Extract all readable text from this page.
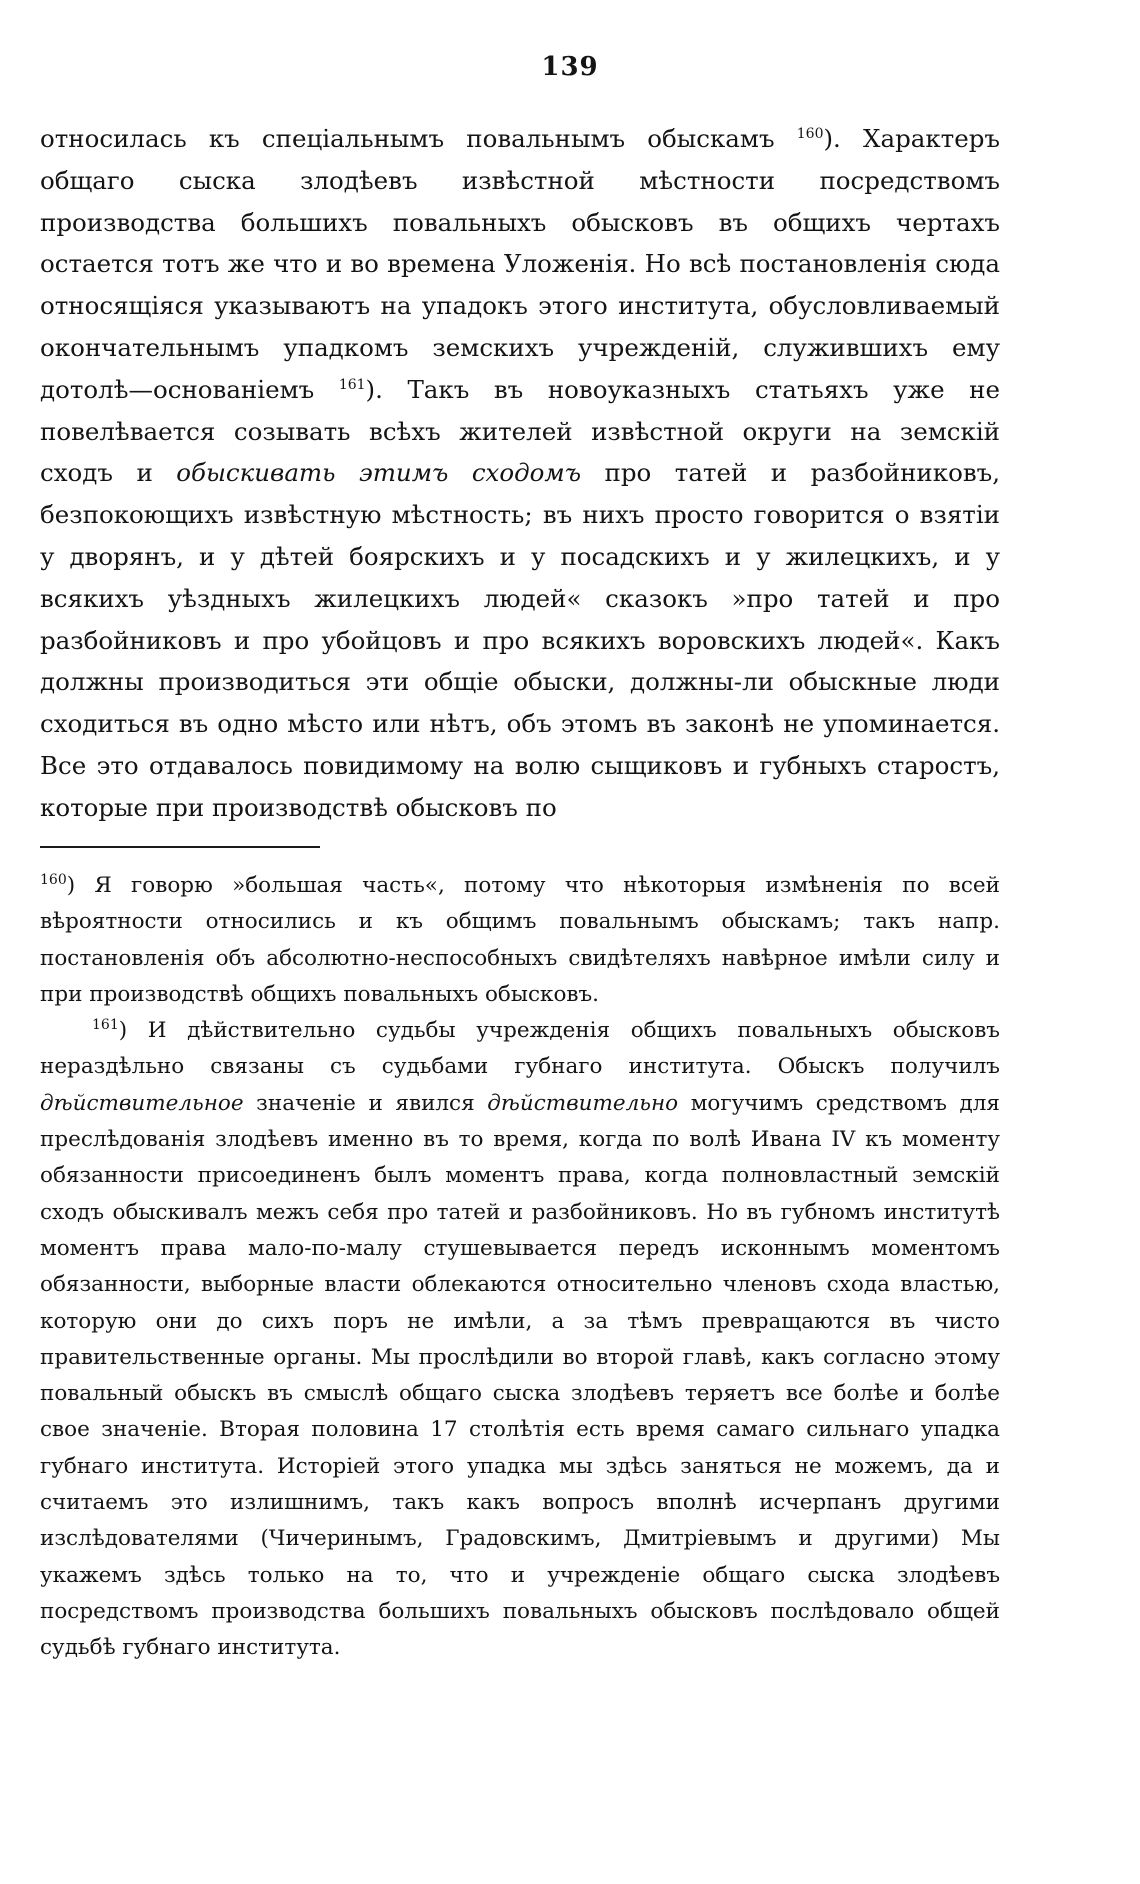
139

относилась къ спеціальнымъ повальнымъ обыскамъ $^{160}$). Характеръ общаго сыска злодѣевъ извѣстной мѣстности посредствомъ производства большихъ повальныхъ обысковъ въ общихъ чертахъ остается тотъ же что и во времена Уложенія. Но всѣ постановленія сюда относящіяся указываютъ на упадокъ этого института, обусловливаемый окончательнымъ упадкомъ земскихъ учрежденій, служившихъ ему дотолѣ—основаніемъ $^{161}$). Такъ въ новоуказныхъ статьяхъ уже не повелѣвается созывать всѣхъ жителей извѣстной округи на земскій сходъ и обыскивать этимъ сходомъ про татей и разбойниковъ, безпокоющихъ извѣстную мѣстность; въ нихъ просто говорится о взятіи у дворянъ, и у дѣтей боярскихъ и у посадскихъ и у жилецкихъ, и у всякихъ уѣздныхъ жилецкихъ людей« сказокъ »про татей и про разбойниковъ и про убойцовъ и про всякихъ воровскихъ людей«. Какъ должны производиться эти общіе обыски, должны-ли обыскные люди сходиться въ одно мѣсто или нѣтъ, объ этомъ въ законѣ не упоминается. Все это отдавалось повидимому на волю сыщиковъ и губныхъ старостъ, которые при производствѣ обысковъ по

$^{160}$) Я говорю »большая часть«, потому что нѣкоторыя измѣненія по всей вѣроятности относились и къ общимъ повальнымъ обыскамъ; такъ напр. постановленія объ абсолютно-неспособныхъ свидѣтеляхъ навѣрное имѣли силу и при производствѣ общихъ повальныхъ обысковъ.

$^{161}$) И дѣйствительно судьбы учрежденія общихъ повальныхъ обысковъ нераздѣльно связаны съ судьбами губнаго института. Обыскъ получилъ дѣйствительное значеніе и явился дѣйствительно могучимъ средствомъ для преслѣдованія злодѣевъ именно въ то время, когда по волѣ Ивана IV къ моменту обязанности присоединенъ былъ моментъ права, когда полновластный земскій сходъ обыскивалъ межъ себя про татей и разбойниковъ. Но въ губномъ институтѣ моментъ права мало-по-малу стушевывается передъ исконнымъ моментомъ обязанности, выборные власти облекаются относительно членовъ схода властью, которую они до сихъ поръ не имѣли, а за тѣмъ превращаются въ чисто правительственные органы. Мы прослѣдили во второй главѣ, какъ согласно этому повальный обыскъ въ смыслѣ общаго сыска злодѣевъ теряетъ все болѣе и болѣе свое значеніе. Вторая половина 17 столѣтія есть время самаго сильнаго упадка губнаго института. Исторіей этого упадка мы здѣсь заняться не можемъ, да и считаемъ это излишнимъ, такъ какъ вопросъ вполнѣ исчерпанъ другими изслѣдователями (Чичеринымъ, Градовскимъ, Дмитріевымъ и другими) Мы укажемъ здѣсь только на то, что и учрежденіе общаго сыска злодѣевъ посредствомъ производства большихъ повальныхъ обысковъ послѣдовало общей судьбѣ губнаго института.
